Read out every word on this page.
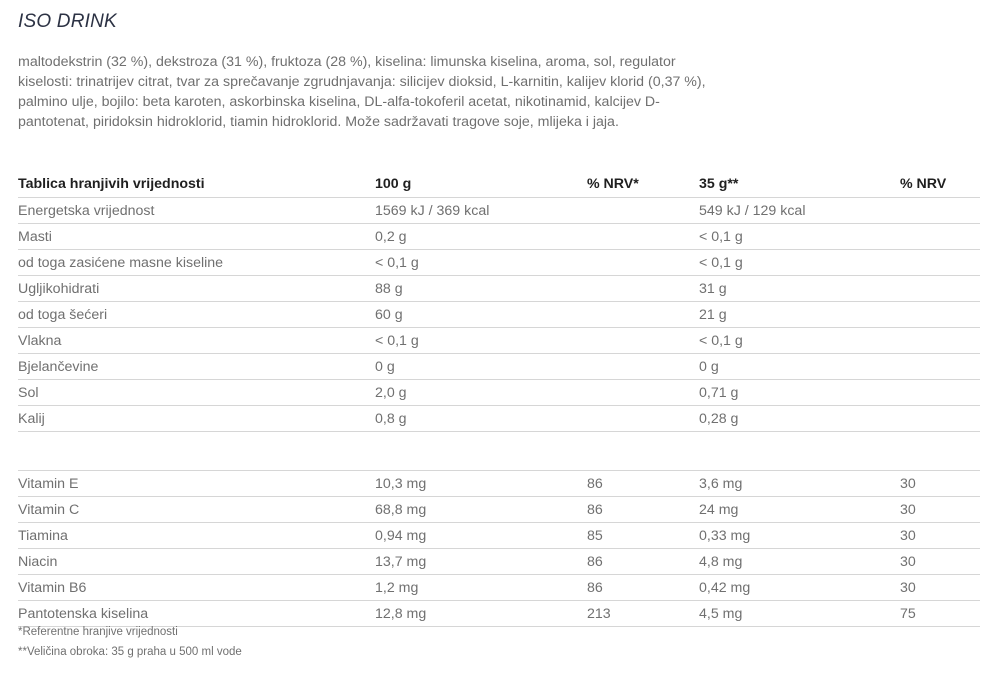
ISO DRINK
maltodekstrin (32 %), dekstroza (31 %), fruktoza (28 %), kiselina: limunska kiselina, aroma, sol, regulator kiselosti: trinatrijev citrat, tvar za sprečavanje zgrudnjavanja: silicijev dioksid, L-karnitin, kalijev klorid (0,37 %), palmino ulje, bojilo: beta karoten, askorbinska kiselina, DL-alfa-tokoferil acetat, nikotinamid, kalcijev D-pantotenat, piridoksin hidroklorid, tiamin hidroklorid. Može sadržavati tragove soje, mlijeka i jaja.
Tablica hranjivih vrijednosti	100 g	% NRV*	35 g**	% NRV
Energetska vrijednost	1569 kJ / 369 kcal		549 kJ / 129 kcal	
Masti	0,2 g		< 0,1 g	
od toga zasićene masne kiseline	< 0,1 g		< 0,1 g	
Ugljikohidrati	88 g		31 g	
od toga šećeri	60 g		21 g	
Vlakna	< 0,1 g		< 0,1 g	
Bjelančevine	0 g		0 g	
Sol	2,0 g		0,71 g	
Kalij	0,8 g		0,28 g	

Vitamin E	10,3 mg	86	3,6 mg	30
Vitamin C	68,8 mg	86	24 mg	30
Tiamina	0,94 mg	85	0,33 mg	30
Niacin	13,7 mg	86	4,8 mg	30
Vitamin B6	1,2 mg	86	0,42 mg	30
Pantotenska kiselina	12,8 mg	213	4,5 mg	75
*Referentne hranjive vrijednosti
**Veličina obroka: 35 g praha u 500 ml vode
